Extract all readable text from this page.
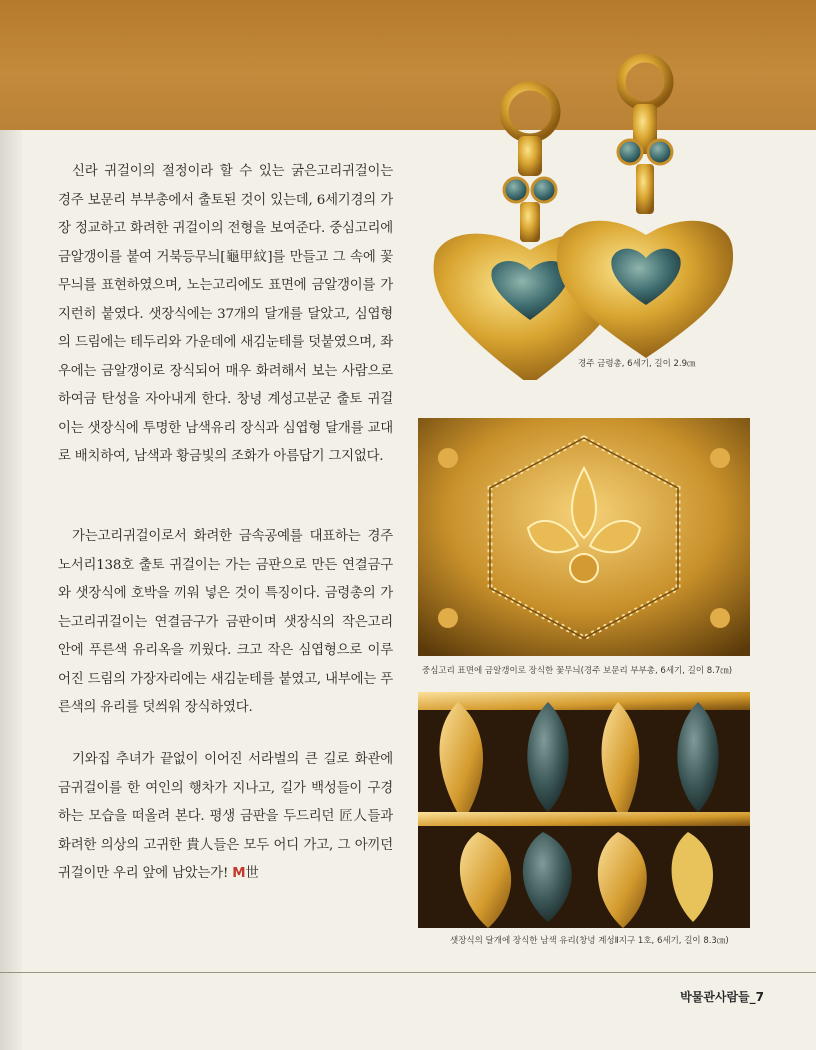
경주 금령총, 6세기, 길이 2.9㎝
중심고리 표면에 금알갱이로 장식한 꽃무늬(경주 보문리 부부총, 6세기, 길이 8.7㎝)
샛장식의 달개에 장식한 남색 유리(창녕 계성Ⅱ지구 1호, 6세기, 길이 8.3㎝)

신라 귀걸이의 절정이라 할 수 있는 굵은고리귀걸이는 경주 보문리 부부총에서 출토된 것이 있는데, 6세기경의 가장 정교하고 화려한 귀걸이의 전형을 보여준다. 중심고리에 금알갱이를 붙여 거북등무늬[龜甲紋]를 만들고 그 속에 꽃무늬를 표현하였으며, 노는고리에도 표면에 금알갱이를 가지런히 붙였다. 샛장식에는 37개의 달개를 달았고, 심엽형의 드림에는 테두리와 가운데에 새김눈테를 덧붙였으며, 좌우에는 금알갱이로 장식되어 매우 화려해서 보는 사람으로 하여금 탄성을 자아내게 한다. 창녕 계성고분군 출토 귀걸이는 샛장식에 투명한 남색유리 장식과 심엽형 달개를 교대로 배치하여, 남색과 황금빛의 조화가 아름답기 그지없다.

가는고리귀걸이로서 화려한 금속공예를 대표하는 경주 노서리138호 출토 귀걸이는 가는 금판으로 만든 연결금구와 샛장식에 호박을 끼워 넣은 것이 특징이다. 금령총의 가는고리귀걸이는 연결금구가 금판이며 샛장식의 작은고리 안에 푸른색 유리옥을 끼웠다. 크고 작은 심엽형으로 이루어진 드림의 가장자리에는 새김눈테를 붙였고, 내부에는 푸른색의 유리를 덧씌워 장식하였다.

기와집 추녀가 끝없이 이어진 서라벌의 큰 길로 화관에 금귀걸이를 한 여인의 행차가 지나고, 길가 백성들이 구경하는 모습을 떠올려 본다. 평생 금판을 두드리던 匠人들과 화려한 의상의 고귀한 貴人들은 모두 어디 가고, 그 아끼던 귀걸이만 우리 앞에 남았는가! M世

박물관사람들_7
